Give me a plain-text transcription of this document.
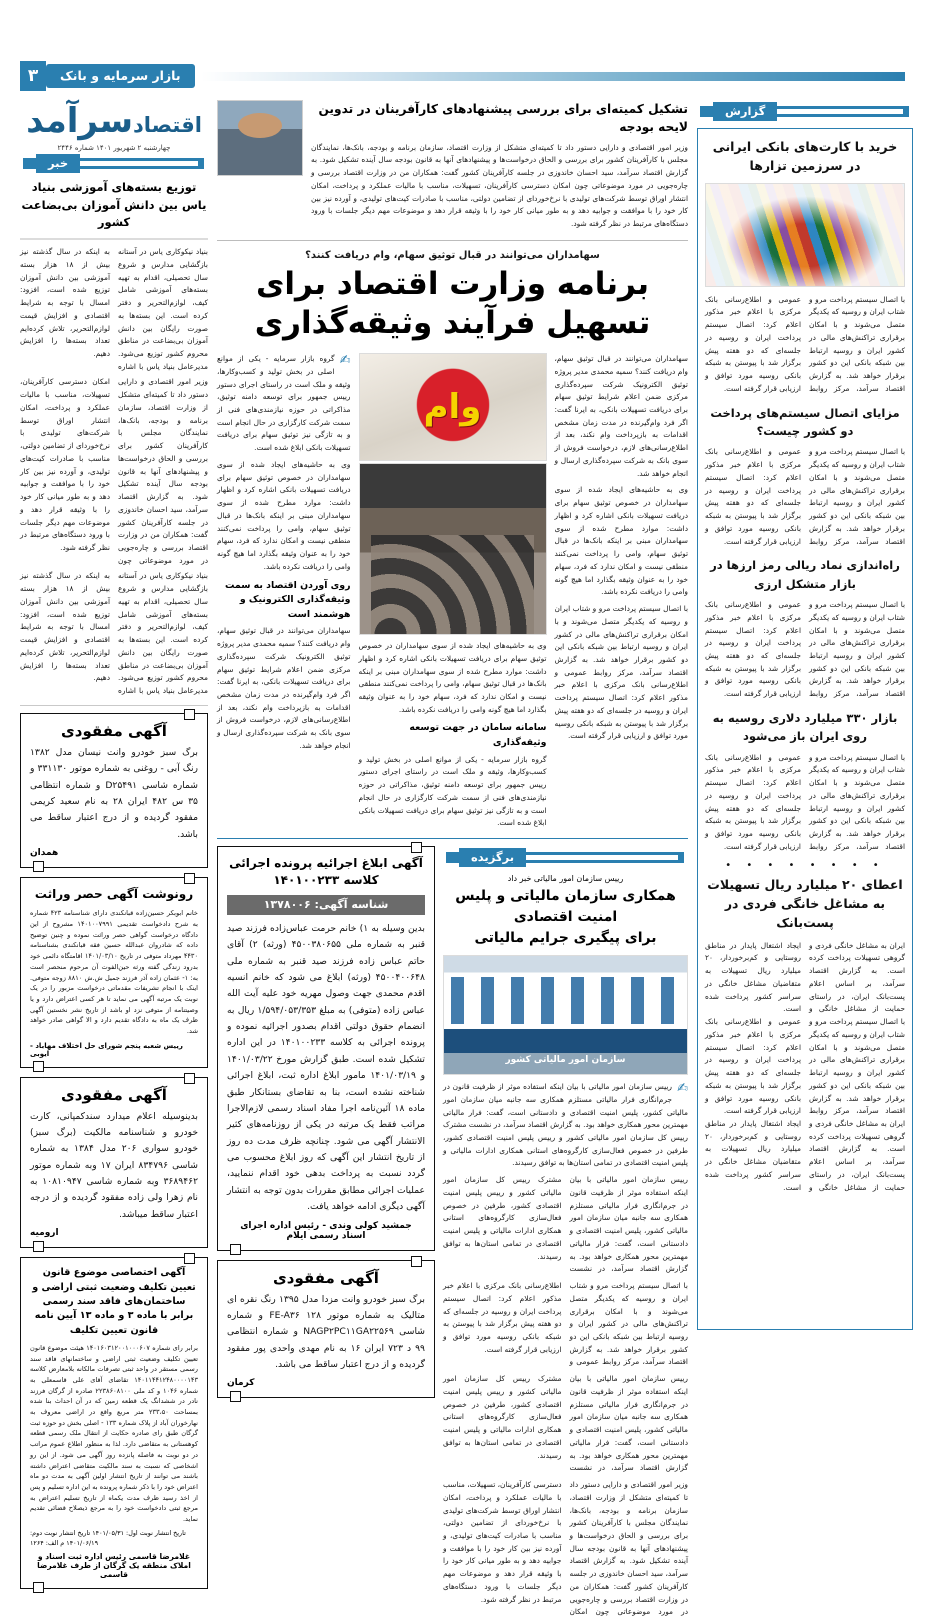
۳	بازار سرمایه و بانک
گزارش
خرید با کارت‌های بانکی ایرانی در سرزمین تزارها
با اتصال سیستم پرداخت مرو و شتاب ایران و روسیه که یکدیگر متصل می‌شوند و با امکان برقراری تراکنش‌های مالی در کشور ایران و روسیه ارتباط بین شبکه بانکی این دو کشور برقرار خواهد شد. به گزارش اقتصاد سرآمد، مرکز روابط عمومی و اطلاع‌رسانی بانک مرکزی با اعلام خبر مذکور اعلام کرد: اتصال سیستم پرداخت ایران و روسیه در جلسه‌ای که دو هفته پیش برگزار شد با پیوستن به شبکه بانکی روسیه مورد توافق و ارزیابی قرار گرفته است.
مزایای اتصال سیستم‌های پرداخت دو کشور چیست؟
با اتصال سیستم پرداخت مرو و شتاب ایران و روسیه که یکدیگر متصل می‌شوند و با امکان برقراری تراکنش‌های مالی در کشور ایران و روسیه ارتباط بین شبکه بانکی این دو کشور برقرار خواهد شد. به گزارش اقتصاد سرآمد، مرکز روابط عمومی و اطلاع‌رسانی بانک مرکزی با اعلام خبر مذکور اعلام کرد: اتصال سیستم پرداخت ایران و روسیه در جلسه‌ای که دو هفته پیش برگزار شد با پیوستن به شبکه بانکی روسیه مورد توافق و ارزیابی قرار گرفته است.
راه‌اندازی نماد ریالی رمز ارزها در بازار متشکل ارزی
با اتصال سیستم پرداخت مرو و شتاب ایران و روسیه که یکدیگر متصل می‌شوند و با امکان برقراری تراکنش‌های مالی در کشور ایران و روسیه ارتباط بین شبکه بانکی این دو کشور برقرار خواهد شد. به گزارش اقتصاد سرآمد، مرکز روابط عمومی و اطلاع‌رسانی بانک مرکزی با اعلام خبر مذکور اعلام کرد: اتصال سیستم پرداخت ایران و روسیه در جلسه‌ای که دو هفته پیش برگزار شد با پیوستن به شبکه بانکی روسیه مورد توافق و ارزیابی قرار گرفته است.
بازار ۳۳۰ میلیارد دلاری روسیه به روی ایران باز می‌شود
با اتصال سیستم پرداخت مرو و شتاب ایران و روسیه که یکدیگر متصل می‌شوند و با امکان برقراری تراکنش‌های مالی در کشور ایران و روسیه ارتباط بین شبکه بانکی این دو کشور برقرار خواهد شد. به گزارش اقتصاد سرآمد، مرکز روابط عمومی و اطلاع‌رسانی بانک مرکزی با اعلام خبر مذکور اعلام کرد: اتصال سیستم پرداخت ایران و روسیه در جلسه‌ای که دو هفته پیش برگزار شد با پیوستن به شبکه بانکی روسیه مورد توافق و ارزیابی قرار گرفته است.
• • • • • • • •
اعطای ۲۰ میلیارد ریال تسهیلات به مشاغل خانگی فردی در پست‌بانک
ایران به مشاغل خانگی فردی و گروهی تسهیلات پرداخت کرده است. به گزارش اقتصاد سرآمد، بر اساس اعلام پست‌بانک ایران، در راستای حمایت از مشاغل خانگی و ایجاد اشتغال پایدار در مناطق روستایی و کم‌برخوردار، ۲۰ میلیارد ریال تسهیلات به متقاضیان مشاغل خانگی در سراسر کشور پرداخت شده است.
با اتصال سیستم پرداخت مرو و شتاب ایران و روسیه که یکدیگر متصل می‌شوند و با امکان برقراری تراکنش‌های مالی در کشور ایران و روسیه ارتباط بین شبکه بانکی این دو کشور برقرار خواهد شد. به گزارش اقتصاد سرآمد، مرکز روابط عمومی و اطلاع‌رسانی بانک مرکزی با اعلام خبر مذکور اعلام کرد: اتصال سیستم پرداخت ایران و روسیه در جلسه‌ای که دو هفته پیش برگزار شد با پیوستن به شبکه بانکی روسیه مورد توافق و ارزیابی قرار گرفته است.
ایران به مشاغل خانگی فردی و گروهی تسهیلات پرداخت کرده است. به گزارش اقتصاد سرآمد، بر اساس اعلام پست‌بانک ایران، در راستای حمایت از مشاغل خانگی و ایجاد اشتغال پایدار در مناطق روستایی و کم‌برخوردار، ۲۰ میلیارد ریال تسهیلات به متقاضیان مشاغل خانگی در سراسر کشور پرداخت شده است.
تشکیل کمیته‌ای برای بررسی پیشنهادهای کارآفرینان در تدوین لایحه بودجه
وزیر امور اقتصادی و دارایی دستور داد تا کمیته‌ای متشکل از وزارت اقتصاد، سازمان برنامه و بودجه، بانک‌ها، نمایندگان مجلس با کارآفرینان کشور برای بررسی و الحاق درخواست‌ها و پیشنهادهای آنها به قانون بودجه سال آینده تشکیل شود. به گزارش اقتصاد سرآمد، سید احسان خاندوزی در جلسه کارآفرینان کشور گفت: همکاران من در وزارت اقتصاد بررسی و چاره‌جویی در مورد موضوعاتی چون امکان دسترسی کارآفرینان، تسهیلات، مناسب با مالیات عملکرد و پرداخت، امکان انتشار اوراق توسط شرکت‌های تولیدی با نرخ‌خوردای از تضامین دولتی، مناسب با صادرات کیت‌های تولیدی، و آورده نیز بین کار خود را با موافقت و جوابیه دهد و به طور میانی کار خود را با وثیقه قرار دهد و موضوعات مهم دیگر جلسات با ورود دستگاه‌های مرتبط در نظر گرفته شود.
سهامداران می‌توانند در قبال توثیق سهام، وام دریافت کنند؟
برنامه وزارت اقتصاد برای تسهیل فرآیند وثیقه‌گذاری
✍
گروه بازار سرمایه - یکی از موانع اصلی در بخش تولید و کسب‌وکارها، وثیقه و ملک است در راستای اجرای دستور رییس جمهور برای توسعه دامنه توثیق، مذاکراتی در حوزه نیازمندی‌های فنی از سمت شرکت کارگزاری در حال انجام است و به تازگی نیز توثیق سهام برای دریافت تسهیلات بانکی ابلاغ شده است.
وی به حاشیه‌های ایجاد شده از سوی سهامداران در خصوص توثیق سهام برای دریافت تسهیلات بانکی اشاره کرد و اظهار داشت: موارد مطرح شده از سوی سهامداران مبنی بر اینکه بانک‌ها در قبال توثیق سهام، وامی را پرداخت نمی‌کنند منطقی نیست و امکان ندارد که فرد، سهام خود را به عنوان وثیقه بگذارد اما هیچ گونه وامی را دریافت نکرده باشد.
روی آوردن اقتصاد به سمت وثیقه‌گذاری الکترونیک و هوشمند است
سهامداران می‌توانند در قبال توثیق سهام، وام دریافت کنند؟ سمیه محمدی مدیر پروژه توثیق الکترونیک شرکت سپرده‌گذاری مرکزی ضمن اعلام شرایط توثیق سهام برای دریافت تسهیلات بانکی، به ایرنا گفت: اگر فرد وام‌گیرنده در مدت زمان مشخص اقدامات به بازپرداخت وام نکند، بعد از اطلاع‌رسانی‌های لازم، درخواست فروش از سوی بانک به شرکت سپرده‌گذاری ارسال و انجام خواهد شد.
وام
وی به حاشیه‌های ایجاد شده از سوی سهامداران در خصوص توثیق سهام برای دریافت تسهیلات بانکی اشاره کرد و اظهار داشت: موارد مطرح شده از سوی سهامداران مبنی بر اینکه بانک‌ها در قبال توثیق سهام، وامی را پرداخت نمی‌کنند منطقی نیست و امکان ندارد که فرد، سهام خود را به عنوان وثیقه بگذارد اما هیچ گونه وامی را دریافت نکرده باشد.
سامانه سامان در جهت توسعه وثیقه‌گذاری
گروه بازار سرمایه - یکی از موانع اصلی در بخش تولید و کسب‌وکارها، وثیقه و ملک است در راستای اجرای دستور رییس جمهور برای توسعه دامنه توثیق، مذاکراتی در حوزه نیازمندی‌های فنی از سمت شرکت کارگزاری در حال انجام است و به تازگی نیز توثیق سهام برای دریافت تسهیلات بانکی ابلاغ شده است.
سهامداران می‌توانند در قبال توثیق سهام، وام دریافت کنند؟ سمیه محمدی مدیر پروژه توثیق الکترونیک شرکت سپرده‌گذاری مرکزی ضمن اعلام شرایط توثیق سهام برای دریافت تسهیلات بانکی، به ایرنا گفت: اگر فرد وام‌گیرنده در مدت زمان مشخص اقدامات به بازپرداخت وام نکند، بعد از اطلاع‌رسانی‌های لازم، درخواست فروش از سوی بانک به شرکت سپرده‌گذاری ارسال و انجام خواهد شد.
وی به حاشیه‌های ایجاد شده از سوی سهامداران در خصوص توثیق سهام برای دریافت تسهیلات بانکی اشاره کرد و اظهار داشت: موارد مطرح شده از سوی سهامداران مبنی بر اینکه بانک‌ها در قبال توثیق سهام، وامی را پرداخت نمی‌کنند منطقی نیست و امکان ندارد که فرد، سهام خود را به عنوان وثیقه بگذارد اما هیچ گونه وامی را دریافت نکرده باشد.
با اتصال سیستم پرداخت مرو و شتاب ایران و روسیه که یکدیگر متصل می‌شوند و با امکان برقراری تراکنش‌های مالی در کشور ایران و روسیه ارتباط بین شبکه بانکی این دو کشور برقرار خواهد شد. به گزارش اقتصاد سرآمد، مرکز روابط عمومی و اطلاع‌رسانی بانک مرکزی با اعلام خبر مذکور اعلام کرد: اتصال سیستم پرداخت ایران و روسیه در جلسه‌ای که دو هفته پیش برگزار شد با پیوستن به شبکه بانکی روسیه مورد توافق و ارزیابی قرار گرفته است.
آگهی ابلاغ اجرائیه پرونده اجرائی کلاسه ۱۴۰۱۰۰۲۳۳
شناسه آگهی: ۱۳۷۸۰۰۶
بدین وسیله به ۱) خانم حرمت عباس‌زاده فرزند صید قنبر به شماره ملی ۴۵۰۰۳۸۰۶۵۵ (ورثه) ۲) آقای حاتم عباس زاده فرزند صید قنبر به شماره ملی ۴۵۰۰۴۰۰۶۴۸ (ورثه) ابلاغ می شود که خانم انسیه اقدم محمدی جهت وصول مهریه خود علیه آیت الله عباس زاده (متوفی) به مبلغ ۱/۵۹۴/۰۵۳/۳۵۳ ریال به انضمام حقوق دولتی اقدام بصدور اجرائیه نموده و پرونده اجرائی به کلاسه ۱۴۰۱۰۰۲۳۳ در این اداره تشکیل شده است. طبق گزارش مورخ ۱۴۰۱/۰۳/۲۲ و ۱۴۰۱/۰۳/۱۹ مامور ابلاغ اداره ثبت، ابلاغ اجرائی شناخته نشده است، بنا به تقاضای بستانکار طبق ماده ۱۸ آئین‌نامه اجرا مفاد اسناد رسمی لازم‌الاجرا مراتب فقط یک مرتبه در یکی از روزنامه‌های کثیر الانتشار آگهی می شود. چنانچه ظرف مدت ده روز از تاریخ انتشار این آگهی که روز ابلاغ محسوب می گردد نسبت به پرداخت بدهی خود اقدام ننمایید، عملیات اجرائی مطابق مقررات بدون توجه به انتشار آگهی دیگری ادامه خواهد یافت.
جمشید کولی وندی - رئیس اداره اجرای اسناد رسمی ایلام
آگهی مفقودی
برگ سبز خودرو وانت مزدا مدل ۱۳۹۵ رنگ نقره ای متالیک به شماره موتور ۱۲۸ FE-A۳۶ و شماره شاسی NAGP۲PC۱۱GA۲۲۵۶۹ و شماره انتظامی ۹۹ د ۷۲۳ ایران ۱۶ به نام مهدی واحدی پور مفقود گردیده و از درج اعتبار ساقط می باشد.
کرمان
برگزیده
رییس سازمان امور مالیاتی خبر داد
همکاری سازمان مالیاتی و پلیس امنیت اقتصادی
برای پیگیری جرایم مالیاتی
سازمان امور مالیاتی کشور
✍
رییس سازمان امور مالیاتی با بیان اینکه استفاده موثر از ظرفیت قانون در جرم‌انگاری فرار مالیاتی مستلزم همکاری سه جانبه میان سازمان امور مالیاتی کشور، پلیس امنیت اقتصادی و دادستانی است، گفت: فرار مالیاتی مهمترین محور همکاری خواهد بود. به گزارش اقتصاد سرآمد، در نشست مشترک رییس کل سازمان امور مالیاتی کشور و رییس پلیس امنیت اقتصادی کشور، طرفین در خصوص فعال‌سازی کارگروه‌های استانی همکاری ادارات مالیاتی و پلیس امنیت اقتصادی در تمامی استان‌ها به توافق رسیدند.
رییس سازمان امور مالیاتی با بیان اینکه استفاده موثر از ظرفیت قانون در جرم‌انگاری فرار مالیاتی مستلزم همکاری سه جانبه میان سازمان امور مالیاتی کشور، پلیس امنیت اقتصادی و دادستانی است، گفت: فرار مالیاتی مهمترین محور همکاری خواهد بود. به گزارش اقتصاد سرآمد، در نشست مشترک رییس کل سازمان امور مالیاتی کشور و رییس پلیس امنیت اقتصادی کشور، طرفین در خصوص فعال‌سازی کارگروه‌های استانی همکاری ادارات مالیاتی و پلیس امنیت اقتصادی در تمامی استان‌ها به توافق رسیدند.
با اتصال سیستم پرداخت مرو و شتاب ایران و روسیه که یکدیگر متصل می‌شوند و با امکان برقراری تراکنش‌های مالی در کشور ایران و روسیه ارتباط بین شبکه بانکی این دو کشور برقرار خواهد شد. به گزارش اقتصاد سرآمد، مرکز روابط عمومی و اطلاع‌رسانی بانک مرکزی با اعلام خبر مذکور اعلام کرد: اتصال سیستم پرداخت ایران و روسیه در جلسه‌ای که دو هفته پیش برگزار شد با پیوستن به شبکه بانکی روسیه مورد توافق و ارزیابی قرار گرفته است.
رییس سازمان امور مالیاتی با بیان اینکه استفاده موثر از ظرفیت قانون در جرم‌انگاری فرار مالیاتی مستلزم همکاری سه جانبه میان سازمان امور مالیاتی کشور، پلیس امنیت اقتصادی و دادستانی است، گفت: فرار مالیاتی مهمترین محور همکاری خواهد بود. به گزارش اقتصاد سرآمد، در نشست مشترک رییس کل سازمان امور مالیاتی کشور و رییس پلیس امنیت اقتصادی کشور، طرفین در خصوص فعال‌سازی کارگروه‌های استانی همکاری ادارات مالیاتی و پلیس امنیت اقتصادی در تمامی استان‌ها به توافق رسیدند.
وزیر امور اقتصادی و دارایی دستور داد تا کمیته‌ای متشکل از وزارت اقتصاد، سازمان برنامه و بودجه، بانک‌ها، نمایندگان مجلس با کارآفرینان کشور برای بررسی و الحاق درخواست‌ها و پیشنهادهای آنها به قانون بودجه سال آینده تشکیل شود. به گزارش اقتصاد سرآمد، سید احسان خاندوزی در جلسه کارآفرینان کشور گفت: همکاران من در وزارت اقتصاد بررسی و چاره‌جویی در مورد موضوعاتی چون امکان دسترسی کارآفرینان، تسهیلات، مناسب با مالیات عملکرد و پرداخت، امکان انتشار اوراق توسط شرکت‌های تولیدی با نرخ‌خوردای از تضامین دولتی، مناسب با صادرات کیت‌های تولیدی، و آورده نیز بین کار خود را با موافقت و جوابیه دهد و به طور میانی کار خود را با وثیقه قرار دهد و موضوعات مهم دیگر جلسات با ورود دستگاه‌های مرتبط در نظر گرفته شود.
اقتصادسرآمد
چهارشنبه ۲ شهریور ۱۴۰۱ شماره ۲۴۴۶
خبر
توزیع بسته‌های آموزشی بنیاد یاس بین دانش آموزان بی‌بضاعت کشور
بنیاد نیکوکاری یاس در آستانه بازگشایی مدارس و شروع سال تحصیلی، اقدام به تهیه بسته‌های آموزشی شامل کیف، لوازم‌التحریر و دفتر کرده است. این بسته‌ها به صورت رایگان بین دانش آموزان بی‌بضاعت در مناطق محروم کشور توزیع می‌شود. مدیرعامل بنیاد یاس با اشاره به اینکه در سال گذشته نیز بیش از ۱۸ هزار بسته آموزشی بین دانش آموزان توزیع شده است، افزود: امسال با توجه به شرایط اقتصادی و افزایش قیمت لوازم‌التحریر، تلاش کرده‌ایم تعداد بسته‌ها را افزایش دهیم.
وزیر امور اقتصادی و دارایی دستور داد تا کمیته‌ای متشکل از وزارت اقتصاد، سازمان برنامه و بودجه، بانک‌ها، نمایندگان مجلس با کارآفرینان کشور برای بررسی و الحاق درخواست‌ها و پیشنهادهای آنها به قانون بودجه سال آینده تشکیل شود. به گزارش اقتصاد سرآمد، سید احسان خاندوزی در جلسه کارآفرینان کشور گفت: همکاران من در وزارت اقتصاد بررسی و چاره‌جویی در مورد موضوعاتی چون امکان دسترسی کارآفرینان، تسهیلات، مناسب با مالیات عملکرد و پرداخت، امکان انتشار اوراق توسط شرکت‌های تولیدی با نرخ‌خوردای از تضامین دولتی، مناسب با صادرات کیت‌های تولیدی، و آورده نیز بین کار خود را با موافقت و جوابیه دهد و به طور میانی کار خود را با وثیقه قرار دهد و موضوعات مهم دیگر جلسات با ورود دستگاه‌های مرتبط در نظر گرفته شود.
بنیاد نیکوکاری یاس در آستانه بازگشایی مدارس و شروع سال تحصیلی، اقدام به تهیه بسته‌های آموزشی شامل کیف، لوازم‌التحریر و دفتر کرده است. این بسته‌ها به صورت رایگان بین دانش آموزان بی‌بضاعت در مناطق محروم کشور توزیع می‌شود. مدیرعامل بنیاد یاس با اشاره به اینکه در سال گذشته نیز بیش از ۱۸ هزار بسته آموزشی بین دانش آموزان توزیع شده است، افزود: امسال با توجه به شرایط اقتصادی و افزایش قیمت لوازم‌التحریر، تلاش کرده‌ایم تعداد بسته‌ها را افزایش دهیم.
آگهی مفقودی
برگ سبز خودرو وانت نیسان مدل ۱۳۸۲ رنگ آبی - روغنی به شماره موتور ۳۳۱۱۳۰ و شماره شاسی D۲۵۴۹۱ و شماره انتظامی ۳۵ س ۴۸۲ ایران ۲۸ به نام سعید کریمی مفقود گردیده و از درج اعتبار ساقط می باشد.
همدان
رونوشت آگهی حصر وراثت
خانم ابوبکر حسین‌زاده قبانکندی دارای شناسنامه ۴۲۳ شماره به شرح دادخواست تقدیمی ۱۴۰۱۰۰۷۹۹۱ مشروح از این دادگاه درخواست گواهی حصر وراثت نموده و چنین توضیح داده که شادروان عبدالله حسین فقه قبانکندی بشناسنامه ۴۴۳۰ مهرداد متوفی در تاریخ ۱۴۰۱/۰۳/۱۰ اقامتگاه دائمی خود بدرود زندگی گفته ورثه حین‌الفوت آن مرحوم منحصر است به: ۱- عثمان زاده آذر فرزند جمیل ش.ش ۸۸۱۰ زوجه متوفی. اینک با انجام تشریفات مقدماتی درخواست مزبور را در یک نوبت یک مرتبه آگهی می نماید تا هر کسی اعتراض دارد و یا وصیتنامه از متوفی نزد او باشد از تاریخ نشر نخستین آگهی ظرف یک ماه به دادگاه تقدیم دارد و الا گواهی صادر خواهد شد.
رییس شعبه پنجم شورای حل اختلاف مهاباد - ایوبی
آگهی مفقودی
بدینوسیله اعلام میدارد سندکمپانی، کارت خودرو و شناسنامه مالکیت (برگ سبز) خودرو سواری ۲۰۶ مدل ۱۳۸۴ به شماره شاسی ۸۳۴۷۹۶ ایران ۱۷ وبه شماره موتور ۳۶۸۹۴۶۲ وبه شماره شاسی ۱۰۸۱۰۹۴۷ به نام زهرا ولی زاده مفقود گردیده و از درجه اعتبار ساقط میباشد.
ارومیه
آگهی اختصاصی موضوع قانون تعیین تکلیف وضعیت ثبتی اراضی و ساختمان‌های فاقد سند رسمی برابر با ماده ۳ و ماده ۱۳ آیین نامه قانون تعیین تکلیف
برابر رای شماره ۱۴۰۱۶۰۳۱۲۰۰۱۰۰۰۶۰۷ هیئت موضوع قانون تعیین تکلیف وضعیت ثبتی اراضی و ساختمانهای فاقد سند رسمی مستقر در واحد ثبتی تصرفات مالکانه بلامعارض کلاسه ۱۴۰۱۱۴۴۱۲۴۸۰۰۰۰۱۴۳ تقاضای آقای علی قاسمعلی به شماره ۱۰۴۶ و کد ملی ۲۲۳۸۶۰۸۱۰۰ صادره از گرگان فرزند نادر در ششدانگ یک قطعه زمین که در آن احداث بنا شده بمساحت ۲۳۳،۵۰ متر مربع واقع در اراضی معروف به نهارخوران آباد از پلاک شماره ۱۳۳ - اصلی بخش دو حوزه ثبت گرگان طبق رای صادره حکایت از انتقال ملک رسمی قطعه کوهستانی به متقاضی دارد. لذا به منظور اطلاع عموم مراتب در دو نوبت به فاصله پانزده روز آگهی می شود. از این رو اشخاصی که نسبت به سند مالکیت متقاضی اعتراض داشته باشند می توانند از تاریخ انتشار اولین آگهی به مدت دو ماه اعتراض خود را با ذکر شماره پرونده به این اداره تسلیم و پس از اخذ رسید ظرف مدت یکماه از تاریخ تسلیم اعتراض به مرجع ثبتی دادخواست خود را به مرجع ذیصلاح قضائی تقدیم نماید.
تاریخ انتشار نوبت اول: ۱۴۰۱/۰۵/۳۱ تاریخ انتشار نوبت دوم: ۱۴۰۱/۰۶/۱۹ م الف: ۱۲۶۴
غلامرضا قاسمی رئیس اداره ثبت اسناد و املاک منطقه یک گرگان از طرف غلامرضا قاسمی
